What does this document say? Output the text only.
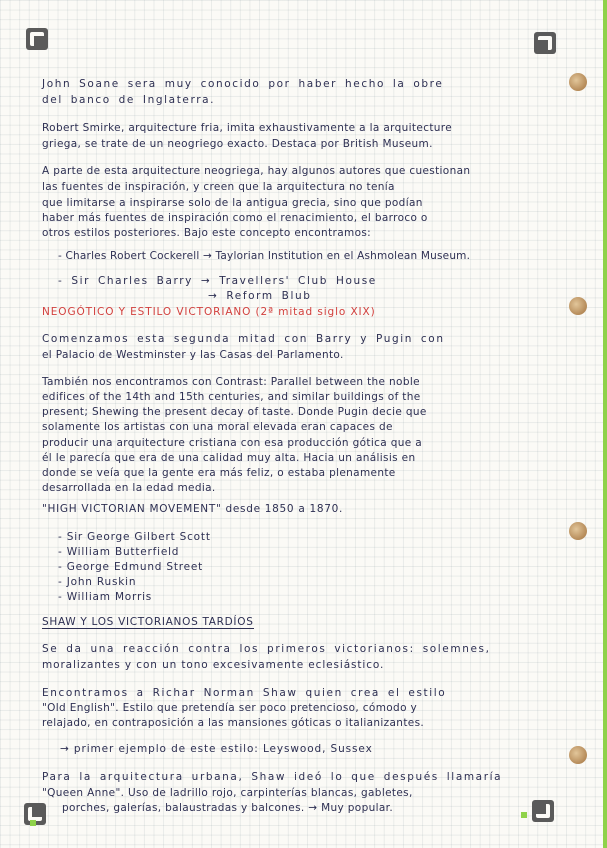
John Soane sera muy conocido por haber hecho la obre
del banco de Inglaterra.
Robert Smirke, arquitecture fria, imita exhaustivamente a la arquitecture
griega, se trate de un neogriego exacto. Destaca por British Museum.
A parte de esta arquitecture neogriega, hay algunos autores que cuestionan
las fuentes de inspiración, y creen que la arquitectura no tenía
que limitarse a inspirarse solo de la antigua grecia, sino que podían
haber más fuentes de inspiración como el renacimiento, el barroco o
otros estilos posteriores. Bajo este concepto encontramos:
- Charles Robert Cockerell → Taylorian Institution en el Ashmolean Museum.
- Sir Charles Barry → Travellers' Club House
→ Reform Blub
NEOGÓTICO Y ESTILO VICTORIANO (2ª mitad siglo XIX)
Comenzamos esta segunda mitad con Barry y Pugin con
el Palacio de Westminster y las Casas del Parlamento.
También nos encontramos con Contrast: Parallel between the noble
edifices of the 14th and 15th centuries, and similar buildings of the
present; Shewing the present decay of taste. Donde Pugin decie que
solamente los artistas con una moral elevada eran capaces de
producir una arquitecture cristiana con esa producción gótica que a
él le parecía que era de una calidad muy alta. Hacia un análisis en
donde se veía que la gente era más feliz, o estaba plenamente
desarrollada en la edad media.
"HIGH VICTORIAN MOVEMENT" desde 1850 a 1870.
- Sir George Gilbert Scott
- William Butterfield
- George Edmund Street
- John Ruskin
- William Morris
SHAW Y LOS VICTORIANOS TARDÍOS
Se da una reacción contra los primeros victorianos: solemnes,
moralizantes y con un tono excesivamente eclesiástico.
Encontramos a Richar Norman Shaw quien crea el estilo
"Old English". Estilo que pretendía ser poco pretencioso, cómodo y
relajado, en contraposición a las mansiones góticas o italianizantes.
→ primer ejemplo de este estilo: Leyswood, Sussex
Para la arquitectura urbana, Shaw ideó lo que después llamaría
"Queen Anne". Uso de ladrillo rojo, carpinterías blancas, gabletes,
porches, galerías, balaustradas y balcones. → Muy popular.
